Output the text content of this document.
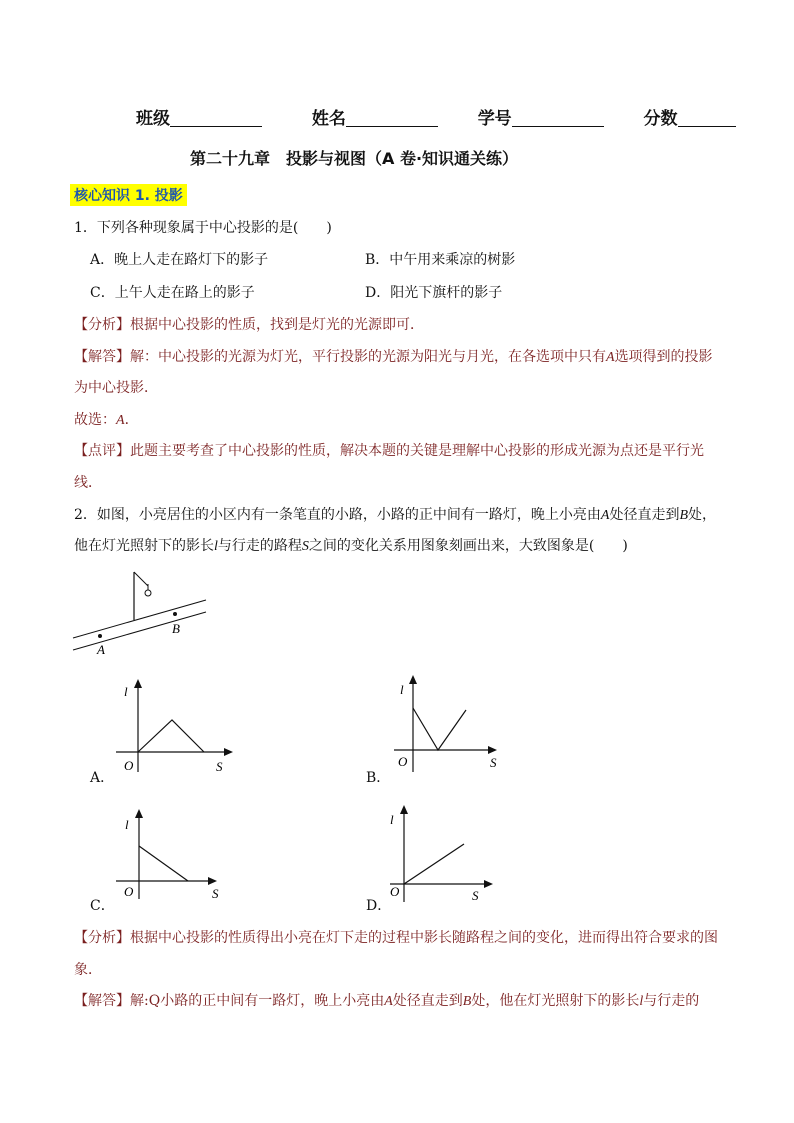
班级	姓名	学号	分数
第二十九章　投影与视图（A 卷·知识通关练）
核心知识 1. 投影
1．下列各种现象属于中心投影的是(　　)
A．晚上人走在路灯下的影子	B．中午用来乘凉的树影
C．上午人走在路上的影子	D．阳光下旗杆的影子
【分析】根据中心投影的性质，找到是灯光的光源即可．
【解答】解：中心投影的光源为灯光，平行投影的光源为阳光与月光，在各选项中只有A选项得到的投影
为中心投影．
故选：A．
【点评】此题主要考查了中心投影的性质，解决本题的关键是理解中心投影的形成光源为点还是平行光
线．
2．如图，小亮居住的小区内有一条笔直的小路，小路的正中间有一路灯，晚上小亮由A处径直走到B处，
他在灯光照射下的影长l与行走的路程S之间的变化关系用图象刻画出来，大致图象是(　　)
A
B
l
O	S
A．
l
O	S
B．
l
O	S
C．
l
O	S
D．
【分析】根据中心投影的性质得出小亮在灯下走的过程中影长随路程之间的变化，进而得出符合要求的图
象．
【解答】解:Q小路的正中间有一路灯，晚上小亮由A处径直走到B处，他在灯光照射下的影长l与行走的
